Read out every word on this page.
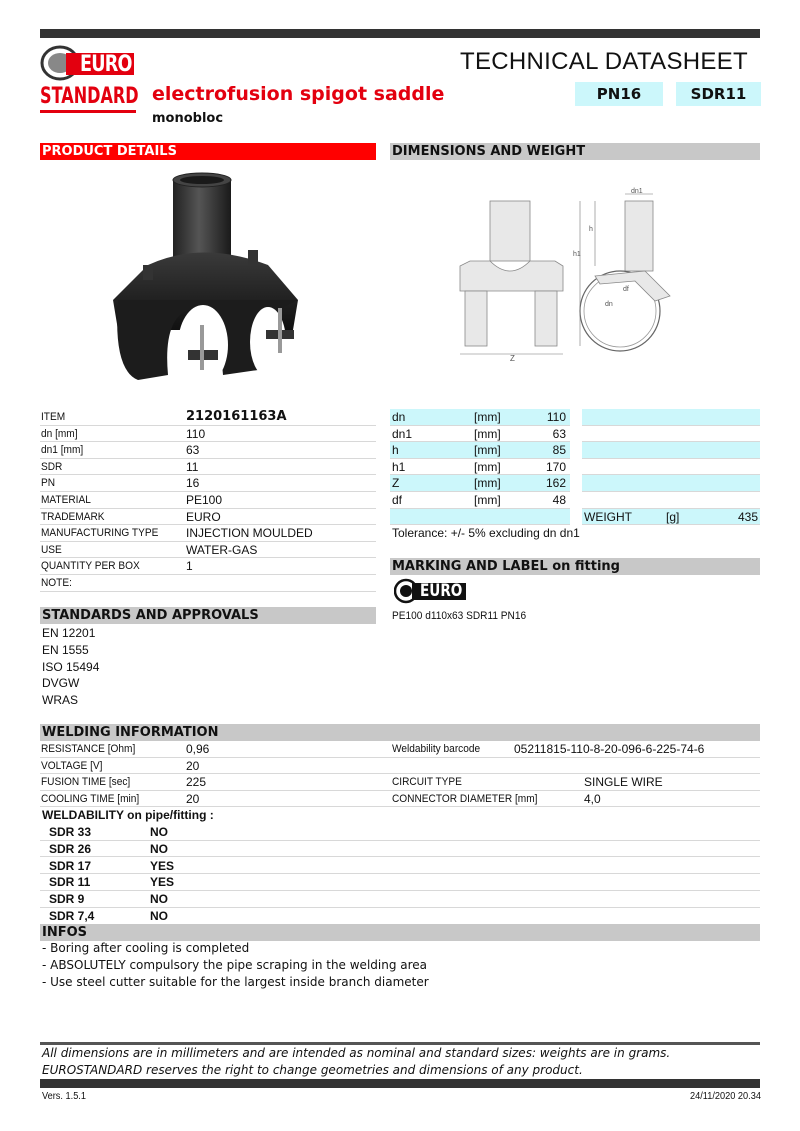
EURO
STANDARD
TECHNICAL DATASHEET
electrofusion spigot saddle
monobloc
PN16	SDR11
PRODUCT DETAILS	DIMENSIONS AND WEIGHT
Z
dn1
h1
h
df
dn
ITEM	2120161163A
dn [mm]	110
dn1 [mm]	63
SDR	11
PN	16
MATERIAL	PE100
TRADEMARK	EURO
MANUFACTURING TYPE INJECTION MOULDED
USE	WATER-GAS
QUANTITY PER BOX	1
NOTE:
dn	[mm]	110
dn1	[mm]	63
h	[mm]	85
h1	[mm]	170
Z	[mm]	162
df	[mm]	48
WEIGHT	[g]	435
Tolerance: +/- 5% excluding dn dn1
MARKING AND LABEL on fitting
EURO
PE100 d110x63 SDR11 PN16
STANDARDS AND APPROVALS
EN 12201
EN 1555
ISO 15494
DVGW
WRAS
WELDING INFORMATION
RESISTANCE [Ohm]	0,96	Weldability barcode	05211815-110-8-20-096-6-225-74-6
VOLTAGE [V]	20
FUSION TIME [sec]	225	CIRCUIT TYPE	SINGLE WIRE
COOLING TIME [min]	20	CONNECTOR DIAMETER [mm]	4,0
WELDABILITY on pipe/fitting :
SDR 33	NO
SDR 26	NO
SDR 17	YES
SDR 11	YES
SDR 9	NO
SDR 7,4	NO
INFOS
- Boring after cooling is completed
- ABSOLUTELY compulsory the pipe scraping in the welding area
- Use steel cutter suitable for the largest inside branch diameter
All dimensions are in millimeters and are intended as nominal and standard sizes: weights are in grams.
EUROSTANDARD reserves the right to change geometries and dimensions of any product.
Vers. 1.5.1	24/11/2020 20.34
